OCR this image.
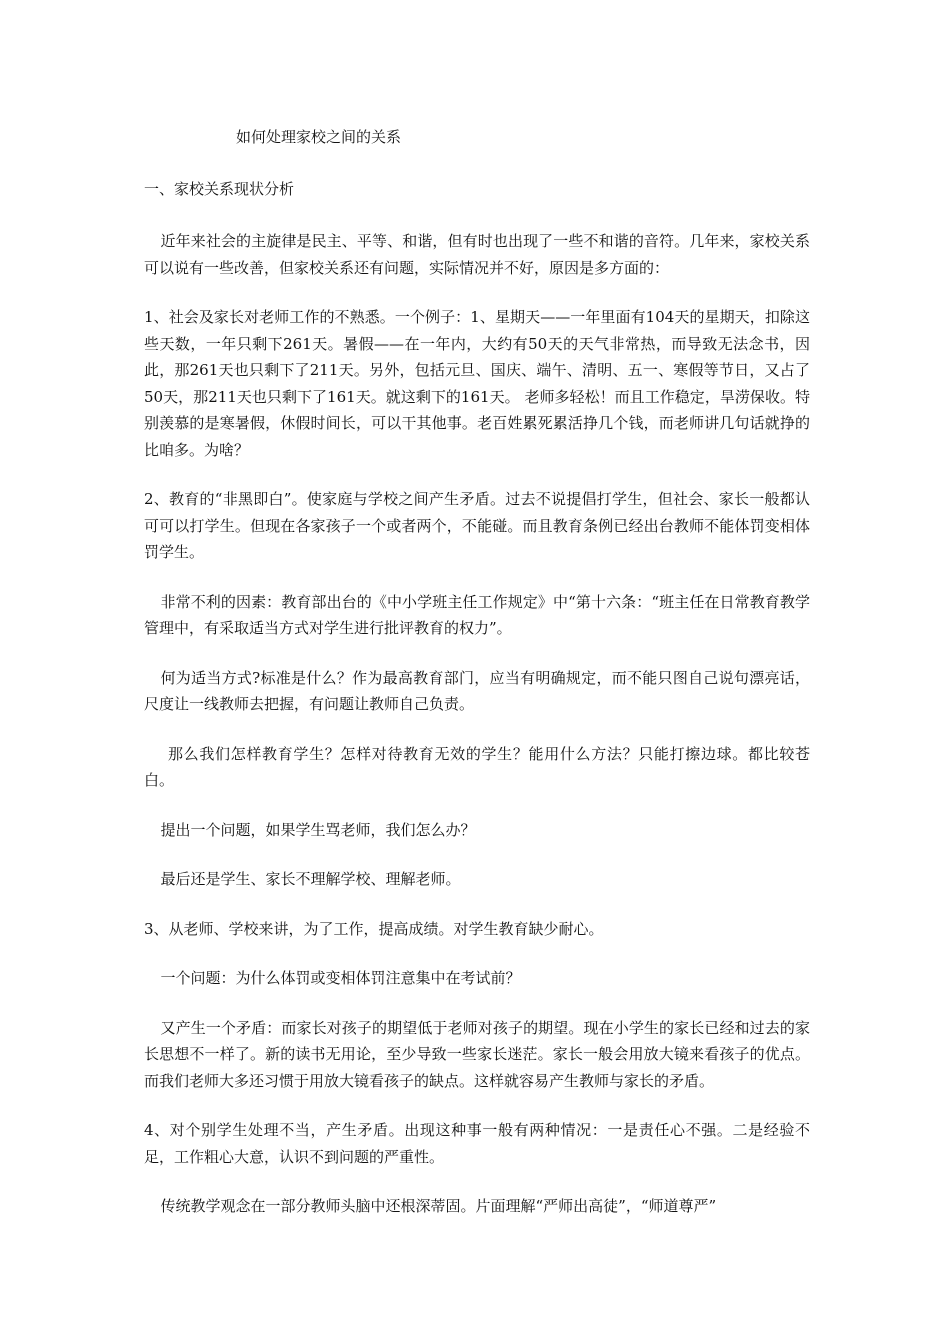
如何处理家校之间的关系
一、家校关系现状分析

近年来社会的主旋律是民主、平等、和谐，但有时也出现了一些不和谐的音符。几年来，家校关系可以说有一些改善，但家校关系还有问题，实际情况并不好，原因是多方面的：

1、社会及家长对老师工作的不熟悉。一个例子：1、星期天——一年里面有104天的星期天，扣除这些天数，一年只剩下261天。暑假——在一年内，大约有50天的天气非常热，而导致无法念书，因此，那261天也只剩下了211天。另外，包括元旦、国庆、端午、清明、五一、寒假等节日，又占了50天，那211天也只剩下了161天。就这剩下的161天。 老师多轻松！而且工作稳定，旱涝保收。特别羡慕的是寒暑假，休假时间长，可以干其他事。老百姓累死累活挣几个钱，而老师讲几句话就挣的比咱多。为啥？

2、教育的“非黑即白”。使家庭与学校之间产生矛盾。过去不说提倡打学生，但社会、家长一般都认可可以打学生。但现在各家孩子一个或者两个，不能碰。而且教育条例已经出台教师不能体罚变相体罚学生。

非常不利的因素：教育部出台的《中小学班主任工作规定》中“第十六条：“班主任在日常教育教学管理中，有采取适当方式对学生进行批评教育的权力”。

何为适当方式?标准是什么？作为最高教育部门，应当有明确规定，而不能只图自己说句漂亮话，尺度让一线教师去把握，有问题让教师自己负责。

那么我们怎样教育学生？怎样对待教育无效的学生？能用什么方法？只能打擦边球。都比较苍白。

提出一个问题，如果学生骂老师，我们怎么办？

最后还是学生、家长不理解学校、理解老师。

3、从老师、学校来讲，为了工作，提高成绩。对学生教育缺少耐心。

一个问题：为什么体罚或变相体罚注意集中在考试前？

又产生一个矛盾：而家长对孩子的期望低于老师对孩子的期望。现在小学生的家长已经和过去的家长思想不一样了。新的读书无用论，至少导致一些家长迷茫。家长一般会用放大镜来看孩子的优点。而我们老师大多还习惯于用放大镜看孩子的缺点。这样就容易产生教师与家长的矛盾。

4、对个别学生处理不当，产生矛盾。出现这种事一般有两种情况：一是责任心不强。二是经验不足，工作粗心大意，认识不到问题的严重性。

传统教学观念在一部分教师头脑中还根深蒂固。片面理解“严师出高徒”，“师道尊严”
